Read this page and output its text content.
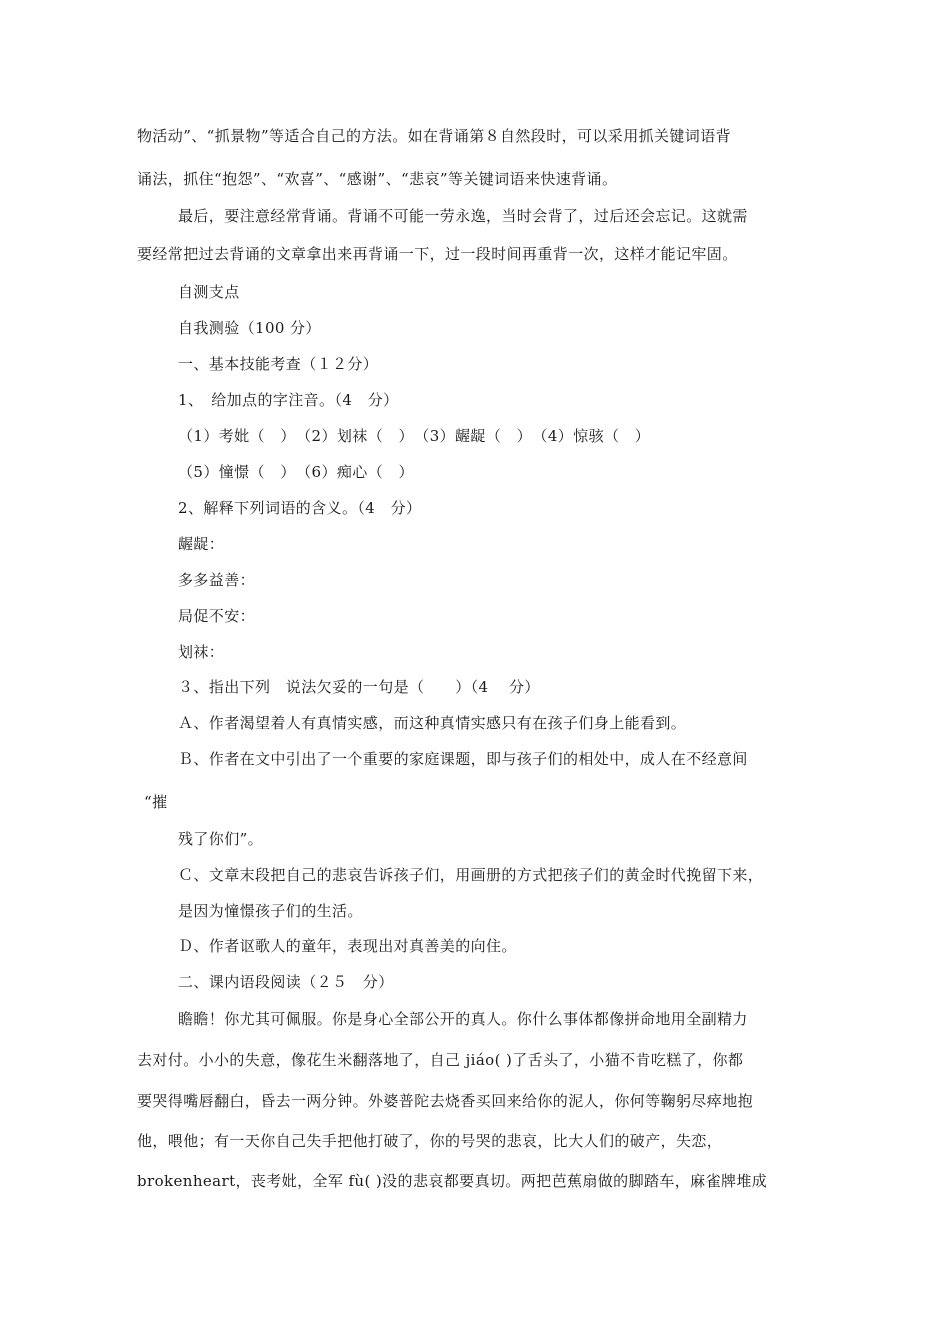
物活动”、“抓景物”等适合自己的方法。如在背诵第８自然段时，可以采用抓关键词语背
诵法，抓住“抱怨”、“欢喜”、“感谢”、“悲哀”等关键词语来快速背诵。
最后，要注意经常背诵。背诵不可能一劳永逸，当时会背了，过后还会忘记。这就需
要经常把过去背诵的文章拿出来再背诵一下，过一段时间再重背一次，这样才能记牢固。
自测支点
自我测验（100 分）
一、基本技能考查（１２分）
1、　给加点的字注音。（4　分）
（1）考妣（　）　（2）划袜（　）　（3）龌龊（　）　（4）惊骇（　）
（5）憧憬（　）　（6）痴心（　）
2、解释下列词语的含义。（4　分）
龌龊：
多多益善：
局促不安：
划袜：
３、指出下列　说法欠妥的一句是（　　）（4　 分）
Ａ、作者渴望着人有真情实感，而这种真情实感只有在孩子们身上能看到。
Ｂ、作者在文中引出了一个重要的家庭课题，即与孩子们的相处中，成人在不经意间
“摧
残了你们”。
Ｃ、文章末段把自己的悲哀告诉孩子们，用画册的方式把孩子们的黄金时代挽留下来，
是因为憧憬孩子们的生活。
Ｄ、作者讴歌人的童年，表现出对真善美的向住。
二、课内语段阅读（２５　分）
瞻瞻！你尤其可佩服。你是身心全部公开的真人。你什么事体都像拼命地用全副精力
去对付。小小的失意，像花生米翻落地了，自己 jiáo( )了舌头了，小猫不肯吃糕了，你都
要哭得嘴唇翻白，昏去一两分钟。外婆普陀去烧香买回来给你的泥人，你何等鞠躬尽瘁地抱
他，喂他；有一天你自己失手把他打破了，你的号哭的悲哀，比大人们的破产，失恋，
brokenheart，丧考妣，全军 fù( )没的悲哀都要真切。两把芭蕉扇做的脚踏车，麻雀牌堆成
